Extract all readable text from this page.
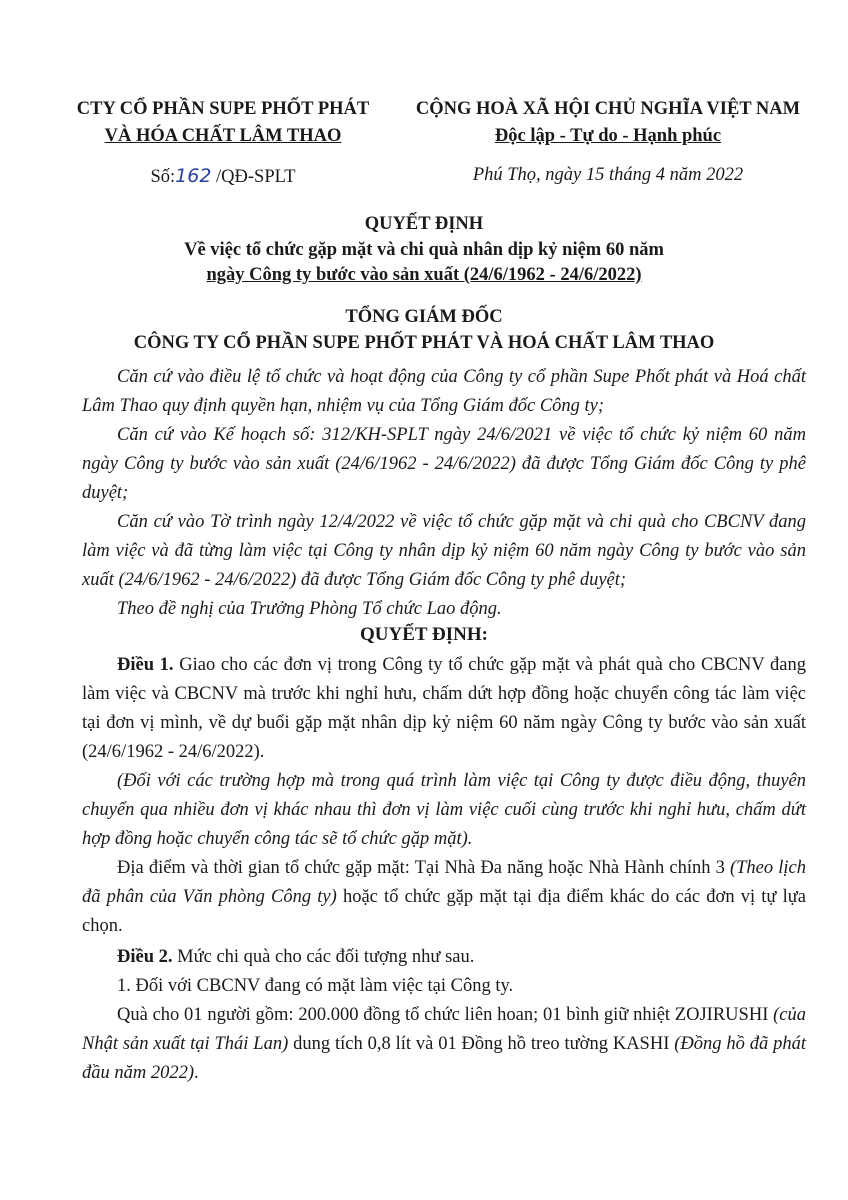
CTY CỔ PHẦN SUPE PHỐT PHÁT
VÀ HÓA CHẤT LÂM THAO
CỘNG HOÀ XÃ HỘI CHỦ NGHĨA VIỆT NAM
Độc lập - Tự do - Hạnh phúc
Số:162 /QĐ-SPLT	Phú Thọ, ngày 15 tháng 4 năm 2022
QUYẾT ĐỊNH
Về việc tổ chức gặp mặt và chi quà nhân dịp kỷ niệm 60 năm
ngày Công ty bước vào sản xuất (24/6/1962 - 24/6/2022)
TỔNG GIÁM ĐỐC
CÔNG TY CỔ PHẦN SUPE PHỐT PHÁT VÀ HOÁ CHẤT LÂM THAO

Căn cứ vào điều lệ tổ chức và hoạt động của Công ty cổ phần Supe Phốt phát và Hoá chất Lâm Thao quy định quyền hạn, nhiệm vụ của Tổng Giám đốc Công ty;

Căn cứ vào Kế hoạch số: 312/KH-SPLT ngày 24/6/2021 về việc tổ chức kỷ niệm 60 năm ngày Công ty bước vào sản xuất (24/6/1962 - 24/6/2022) đã được Tổng Giám đốc Công ty phê duyệt;

Căn cứ vào Tờ trình ngày 12/4/2022 về việc tổ chức gặp mặt và chi quà cho CBCNV đang làm việc và đã từng làm việc tại Công ty nhân dịp kỷ niệm 60 năm ngày Công ty bước vào sản xuất (24/6/1962 - 24/6/2022) đã được Tổng Giám đốc Công ty phê duyệt;

Theo đề nghị của Trưởng Phòng Tổ chức Lao động.

QUYẾT ĐỊNH:

Điều 1. Giao cho các đơn vị trong Công ty tổ chức gặp mặt và phát quà cho CBCNV đang làm việc và CBCNV mà trước khi nghỉ hưu, chấm dứt hợp đồng hoặc chuyển công tác làm việc tại đơn vị mình, về dự buổi gặp mặt nhân dịp kỷ niệm 60 năm ngày Công ty bước vào sản xuất (24/6/1962 - 24/6/2022).

(Đối với các trường hợp mà trong quá trình làm việc tại Công ty được điều động, thuyên chuyển qua nhiều đơn vị khác nhau thì đơn vị làm việc cuối cùng trước khi nghỉ hưu, chấm dứt hợp đồng hoặc chuyển công tác sẽ tổ chức gặp mặt).

Địa điểm và thời gian tổ chức gặp mặt: Tại Nhà Đa năng hoặc Nhà Hành chính 3 (Theo lịch đã phân của Văn phòng Công ty) hoặc tổ chức gặp mặt tại địa điểm khác do các đơn vị tự lựa chọn.

Điều 2. Mức chi quà cho các đối tượng như sau.

1. Đối với CBCNV đang có mặt làm việc tại Công ty.

Quà cho 01 người gồm: 200.000 đồng tổ chức liên hoan; 01 bình giữ nhiệt ZOJIRUSHI (của Nhật sản xuất tại Thái Lan) dung tích 0,8 lít và 01 Đồng hồ treo tường KASHI (Đồng hồ đã phát đầu năm 2022).
